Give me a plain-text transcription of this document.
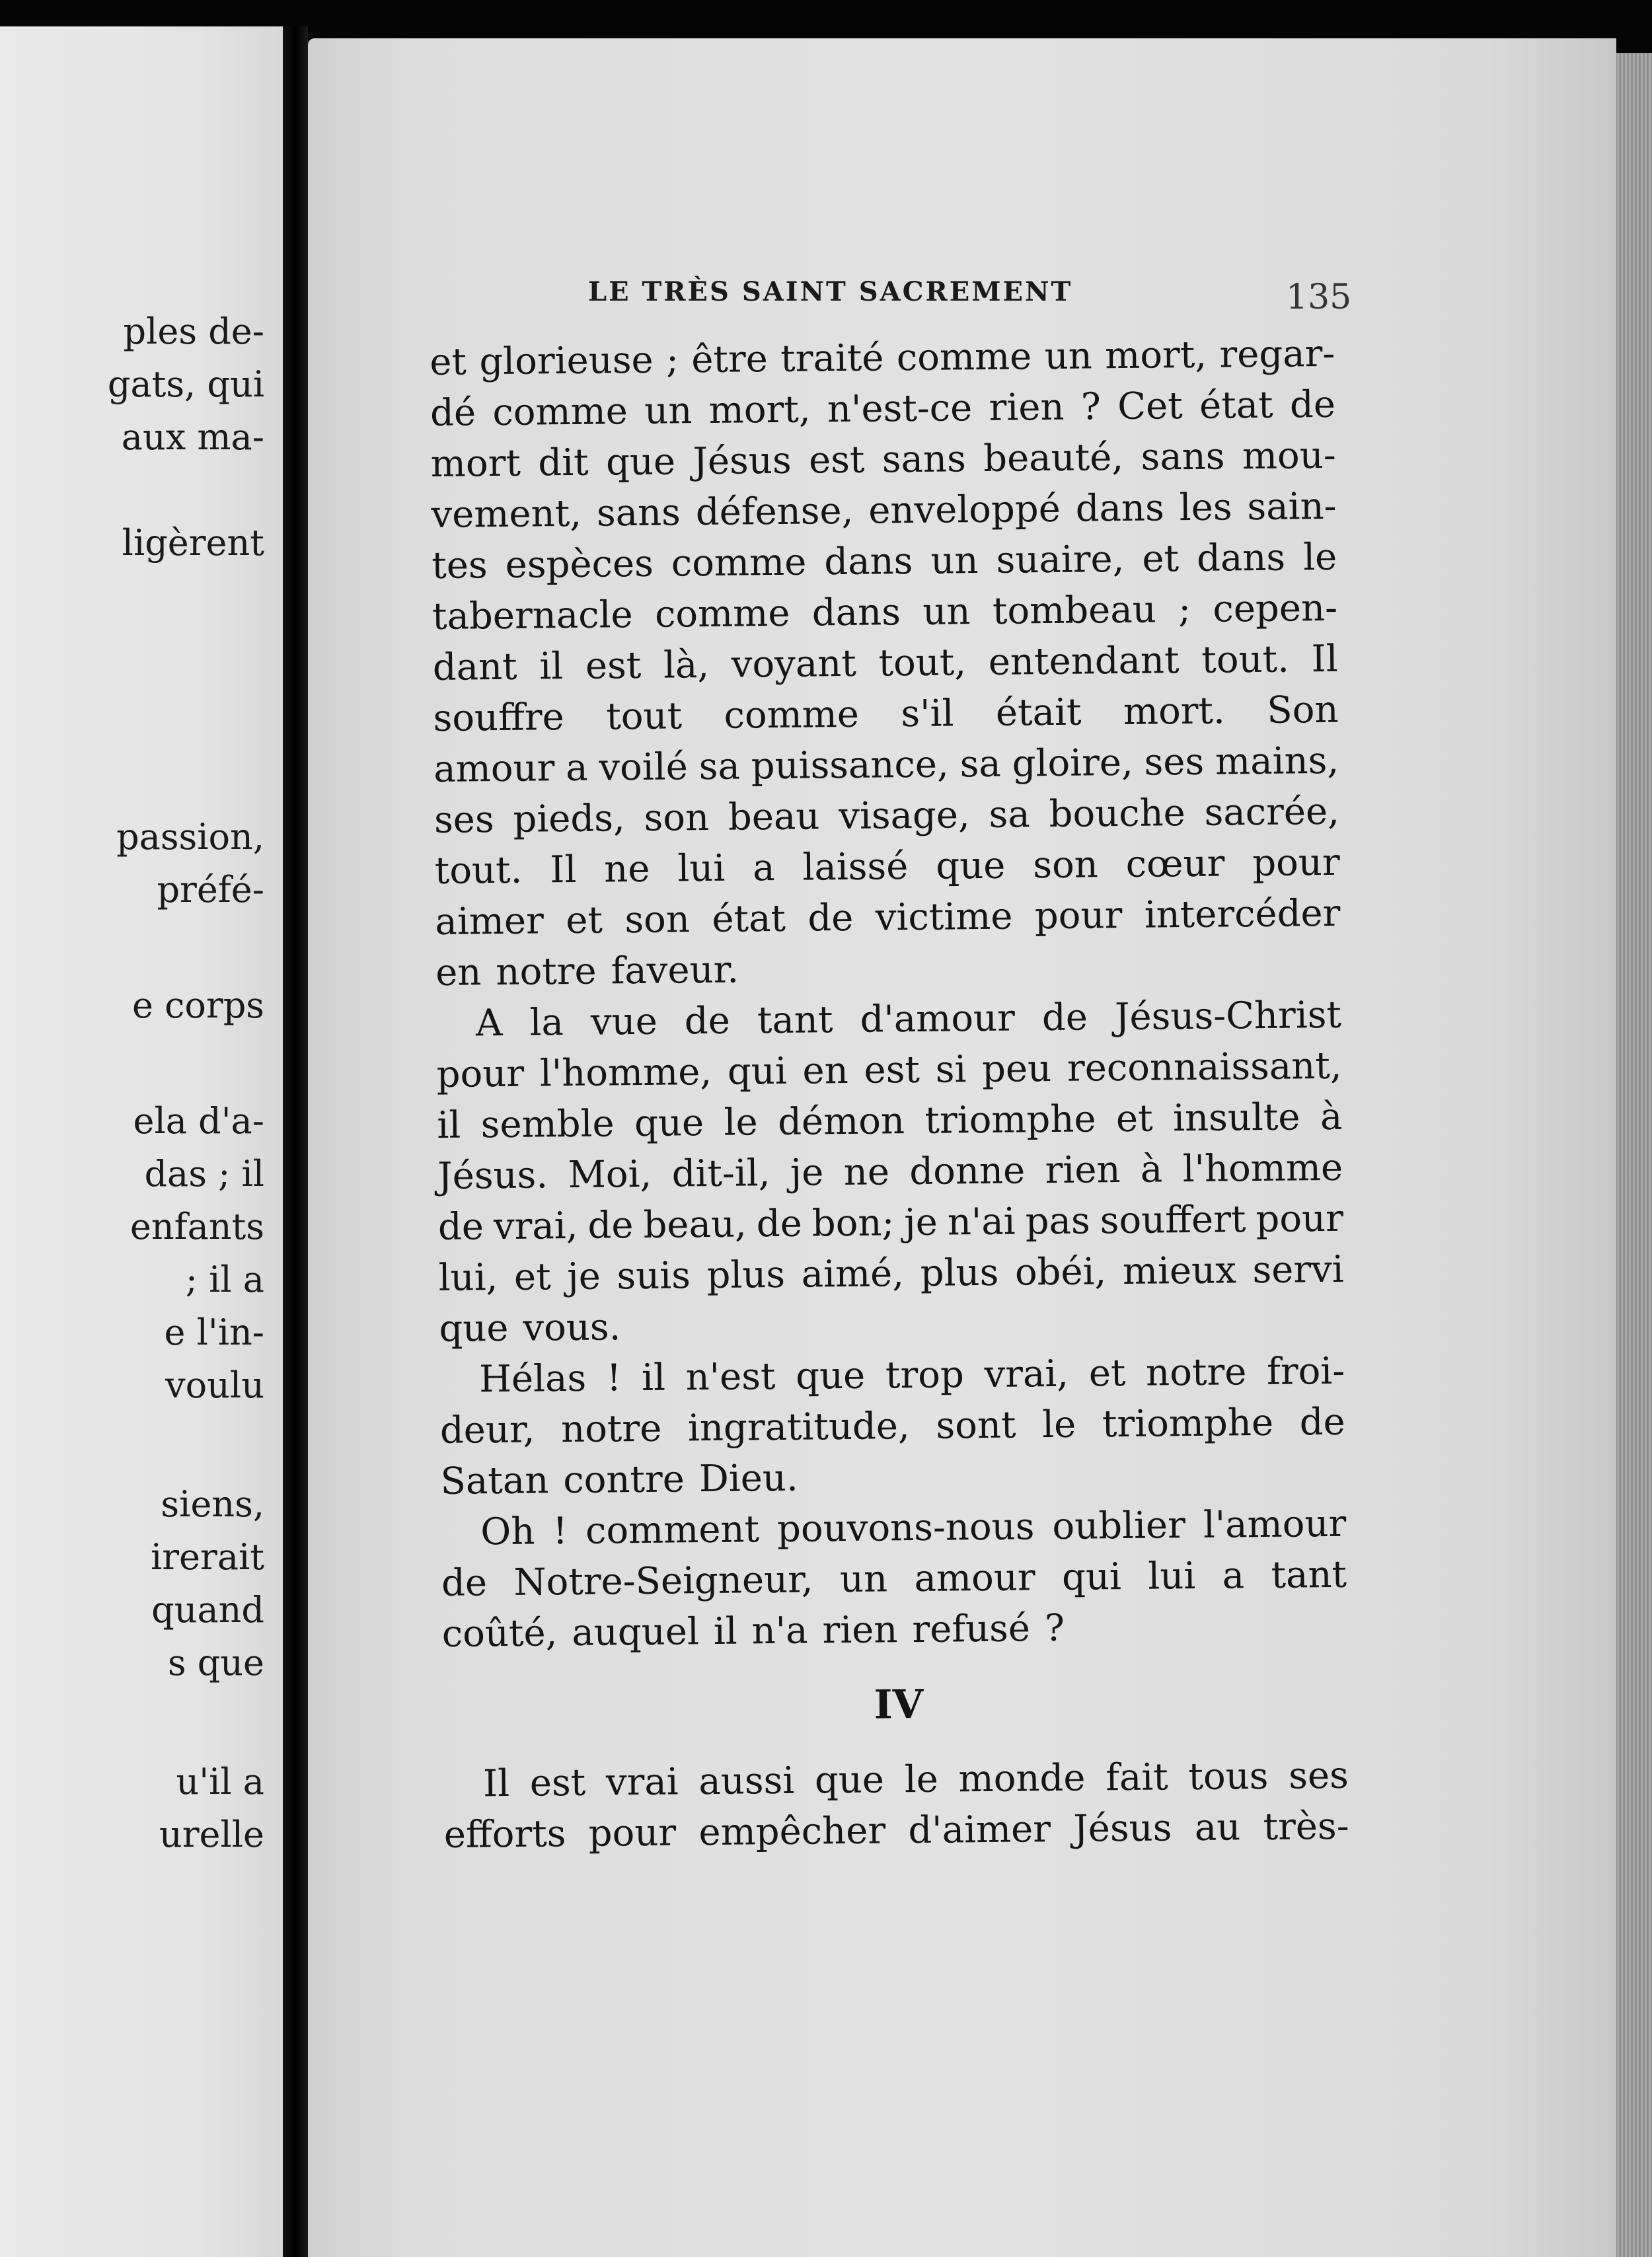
ples de-
gats, qui
aux ma-
ligèrent
passion,
préfé-
e corps
ela d'a-
das ; il
enfants
; il a
e l'in-
voulu
siens,
irerait
quand
s que
u'il a
urelle
LE TRÈS SAINT SACREMENT	135
et glorieuse ; être traité comme un mort, regar-
dé comme un mort, n'est-ce rien ? Cet état de
mort dit que Jésus est sans beauté, sans mou-
vement, sans défense, enveloppé dans les sain-
tes espèces comme dans un suaire, et dans le
tabernacle comme dans un tombeau ; cepen-
dant il est là, voyant tout, entendant tout. Il
souffre tout comme s'il était mort. Son
amour a voilé sa puissance, sa gloire, ses mains,
ses pieds, son beau visage, sa bouche sacrée,
tout. Il ne lui a laissé que son cœur pour
aimer et son état de victime pour intercéder
en notre faveur.
A la vue de tant d'amour de Jésus-Christ
pour l'homme, qui en est si peu reconnaissant,
il semble que le démon triomphe et insulte à
Jésus. Moi, dit-il, je ne donne rien à l'homme
de vrai, de beau, de bon; je n'ai pas souffert pour
lui, et je suis plus aimé, plus obéi, mieux servi
que vous.
Hélas ! il n'est que trop vrai, et notre froi-
deur, notre ingratitude, sont le triomphe de
Satan contre Dieu.
Oh ! comment pouvons-nous oublier l'amour
de Notre-Seigneur, un amour qui lui a tant
coûté, auquel il n'a rien refusé ?
IV
Il est vrai aussi que le monde fait tous ses
efforts pour empêcher d'aimer Jésus au très-
